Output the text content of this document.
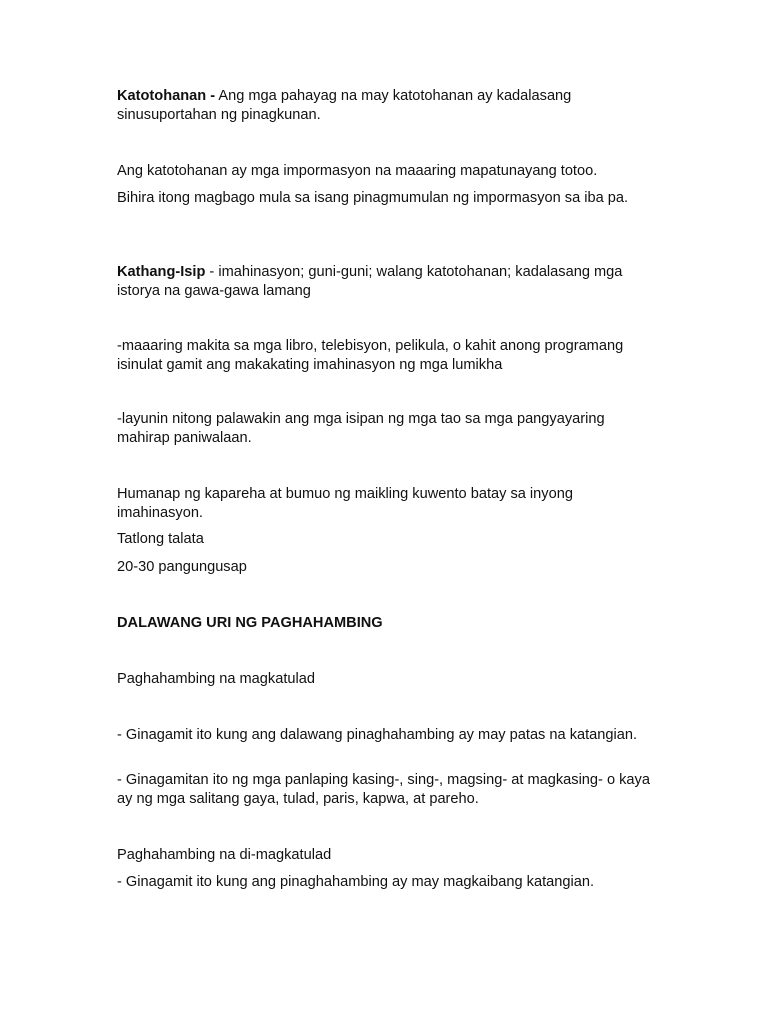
Katotohanan - Ang mga pahayag na may katotohanan ay kadalasang sinusuportahan ng pinagkunan.

Ang katotohanan ay mga impormasyon na maaaring mapatunayang totoo.

Bihira itong magbago mula sa isang pinagmumulan ng impormasyon sa iba pa.

Kathang-Isip - imahinasyon; guni-guni; walang katotohanan; kadalasang mga istorya na gawa-gawa lamang

-maaaring makita sa mga libro, telebisyon, pelikula, o kahit anong programang isinulat gamit ang makakating imahinasyon ng mga lumikha

-layunin nitong palawakin ang mga isipan ng mga tao sa mga pangyayaring mahirap paniwalaan.

Humanap ng kapareha at bumuo ng maikling kuwento batay sa inyong imahinasyon.

Tatlong talata

20-30 pangungusap

DALAWANG URI NG PAGHAHAMBING

Paghahambing na magkatulad

- Ginagamit ito kung ang dalawang pinaghahambing ay may patas na katangian.

- Ginagamitan ito ng mga panlaping kasing-, sing-, magsing- at magkasing- o kaya ay ng mga salitang gaya, tulad, paris, kapwa, at pareho.

Paghahambing na di-magkatulad

- Ginagamit ito kung ang pinaghahambing ay may magkaibang katangian.
